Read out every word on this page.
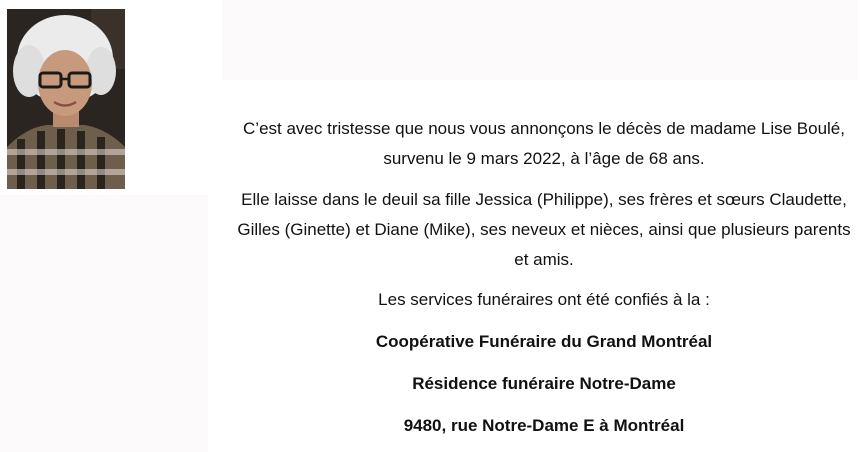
C’est avec tristesse que nous vous annonçons le décès de madame Lise Boulé, survenu le 9 mars 2022, à l’âge de 68 ans.

Elle laisse dans le deuil sa fille Jessica (Philippe), ses frères et sœurs Claudette, Gilles (Ginette) et Diane (Mike), ses neveux et nièces, ainsi que plusieurs parents et amis.

Les services funéraires ont été confiés à la :

Coopérative Funéraire du Grand Montréal

Résidence funéraire Notre-Dame

9480, rue Notre-Dame E à Montréal
